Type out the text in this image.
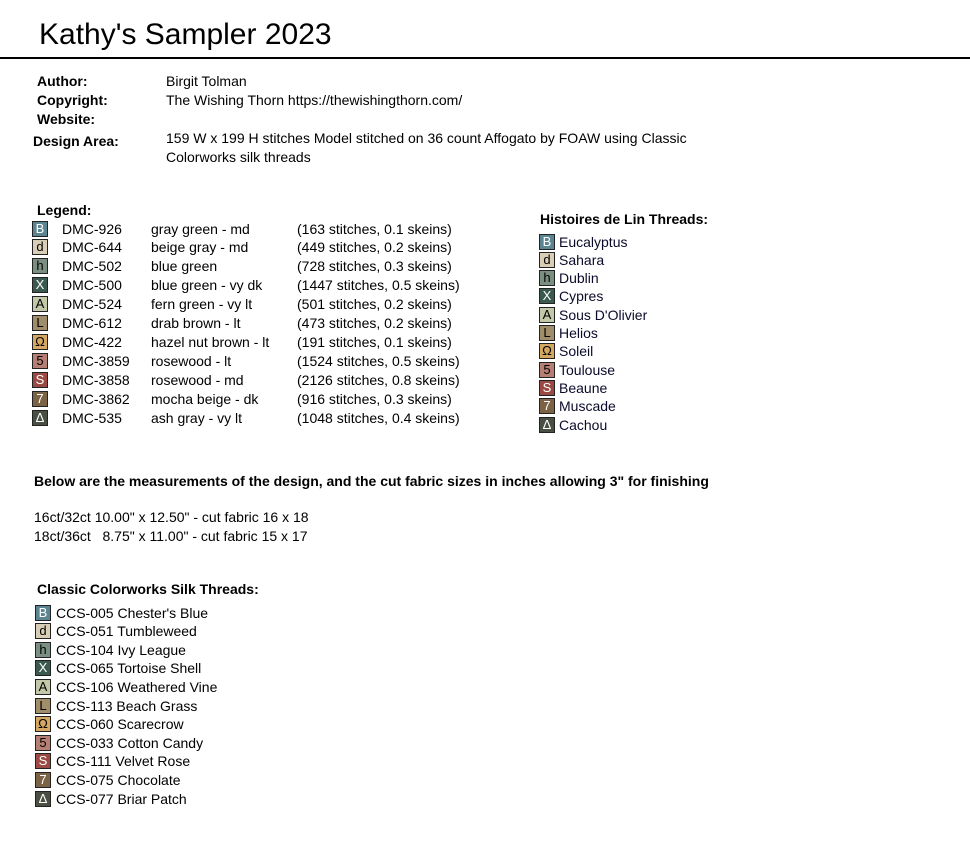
Kathy's Sampler 2023
Author:	Birgit Tolman
Copyright:	The Wishing Thorn https://thewishingthorn.com/
Website:
Design Area:	159 W x 199 H stitches Model stitched on 36 count Affogato by FOAW using Classic
Colorworks silk threads
Legend:
B DMC-926 gray green - md	(163 stitches, 0.1 skeins)
d	DMC-644 beige gray - md	(449 stitches, 0.2 skeins)
h	DMC-502 blue green	(728 stitches, 0.3 skeins)
X DMC-500 blue green - vy dk (1447 stitches, 0.5 skeins)
A DMC-524 fern green - vy lt	(501 stitches, 0.2 skeins)
L	DMC-612 drab brown - lt	(473 stitches, 0.2 skeins)
Ω DMC-422 hazel nut brown - lt (191 stitches, 0.1 skeins)
5	DMC-3859 rosewood - lt	(1524 stitches, 0.5 skeins)
S DMC-3858 rosewood - md	(2126 stitches, 0.8 skeins)
7	DMC-3862 mocha beige - dk	(916 stitches, 0.3 skeins)
Δ DMC-535 ash gray - vy lt	(1048 stitches, 0.4 skeins)
Histoires de Lin Threads:
B Eucalyptus
d Sahara
h Dublin
X Cypres
A Sous D'Olivier
L Helios
Ω Soleil
5 Toulouse
S Beaune
7 Muscade
Δ Cachou
Below are the measurements of the design, and the cut fabric sizes in inches allowing 3" for finishing
16ct/32ct 10.00" x 12.50" - cut fabric 16 x 18
18ct/36ct   8.75" x 11.00" - cut fabric 15 x 17
Classic Colorworks Silk Threads:
B CCS-005 Chester's Blue
d CCS-051 Tumbleweed
h CCS-104 Ivy League
X CCS-065 Tortoise Shell
A CCS-106 Weathered Vine
L CCS-113 Beach Grass
Ω CCS-060 Scarecrow
5 CCS-033 Cotton Candy
S CCS-111 Velvet Rose
7 CCS-075 Chocolate
Δ CCS-077 Briar Patch
